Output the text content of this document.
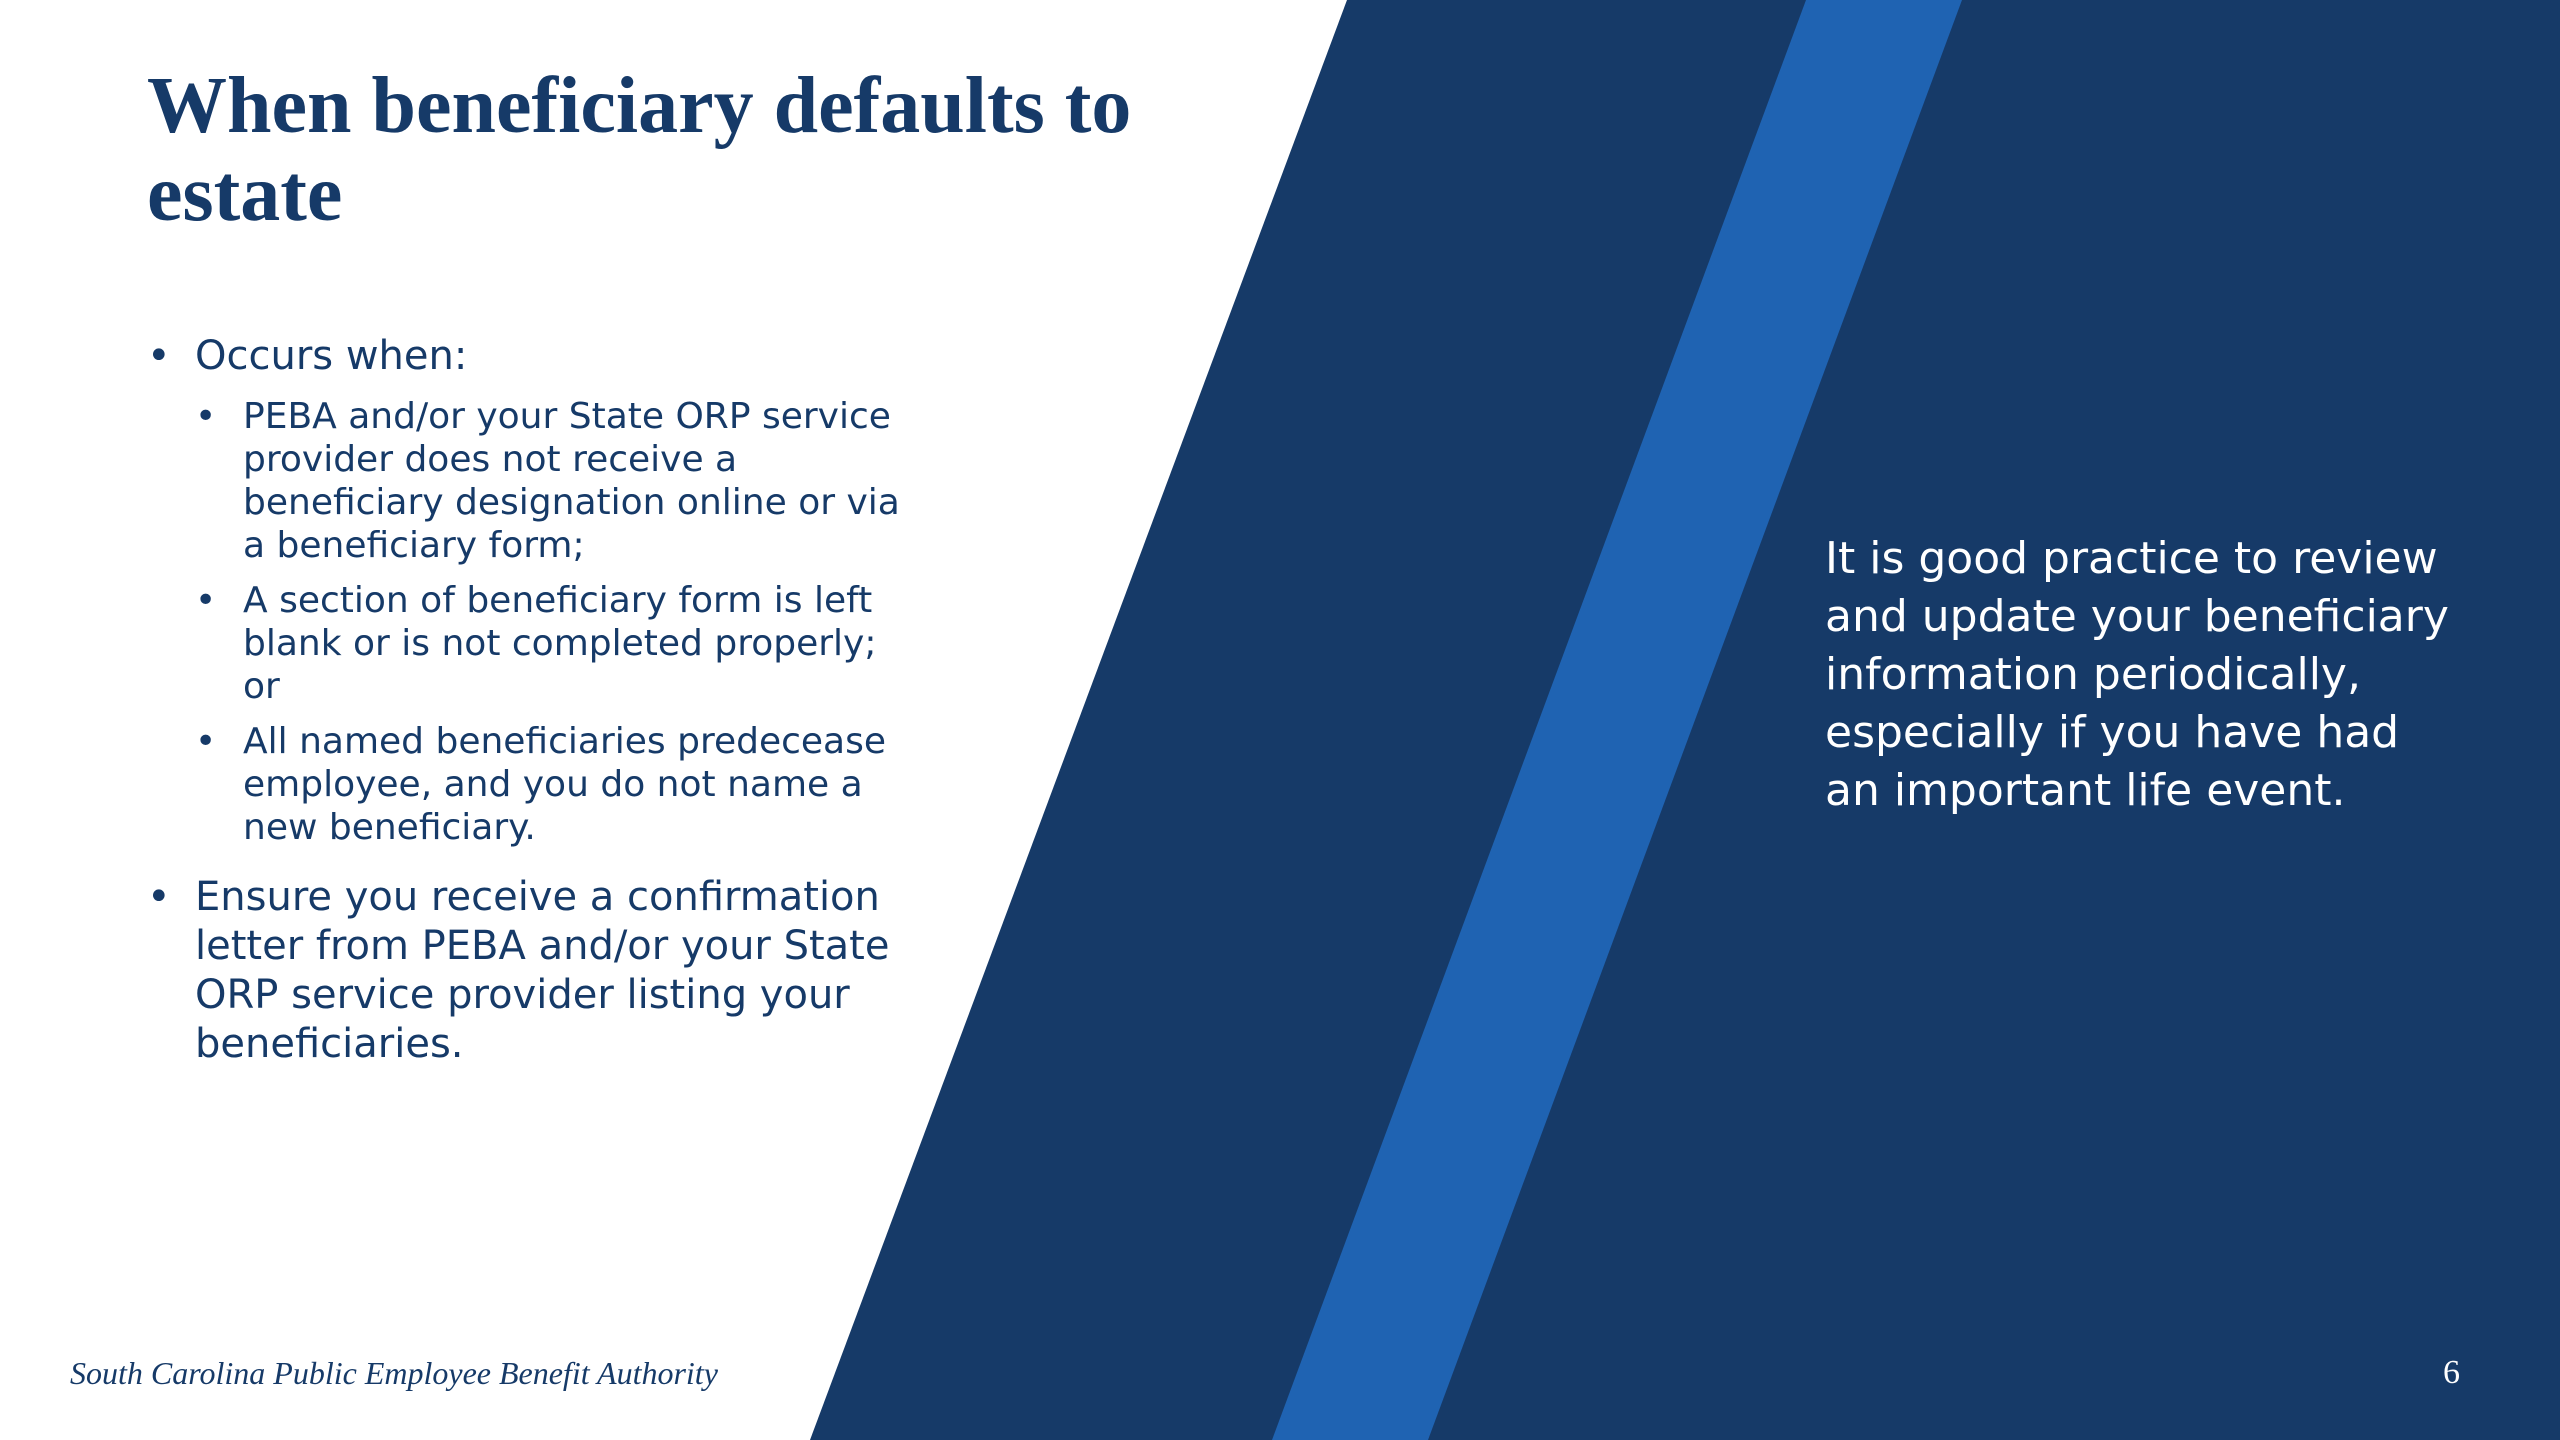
When beneficiary defaults to estate
• Occurs when:
• PEBA and/or your State ORP service provider does not receive a beneficiary designation online or via a beneficiary form;
• A section of beneficiary form is left blank or is not completed properly; or
• All named beneficiaries predecease employee, and you do not name a new beneficiary.
• Ensure you receive a confirmation letter from PEBA and/or your State ORP service provider listing your beneficiaries.
It is good practice to review and update your beneficiary information periodically, especially if you have had an important life event.
South Carolina Public Employee Benefit Authority	6
